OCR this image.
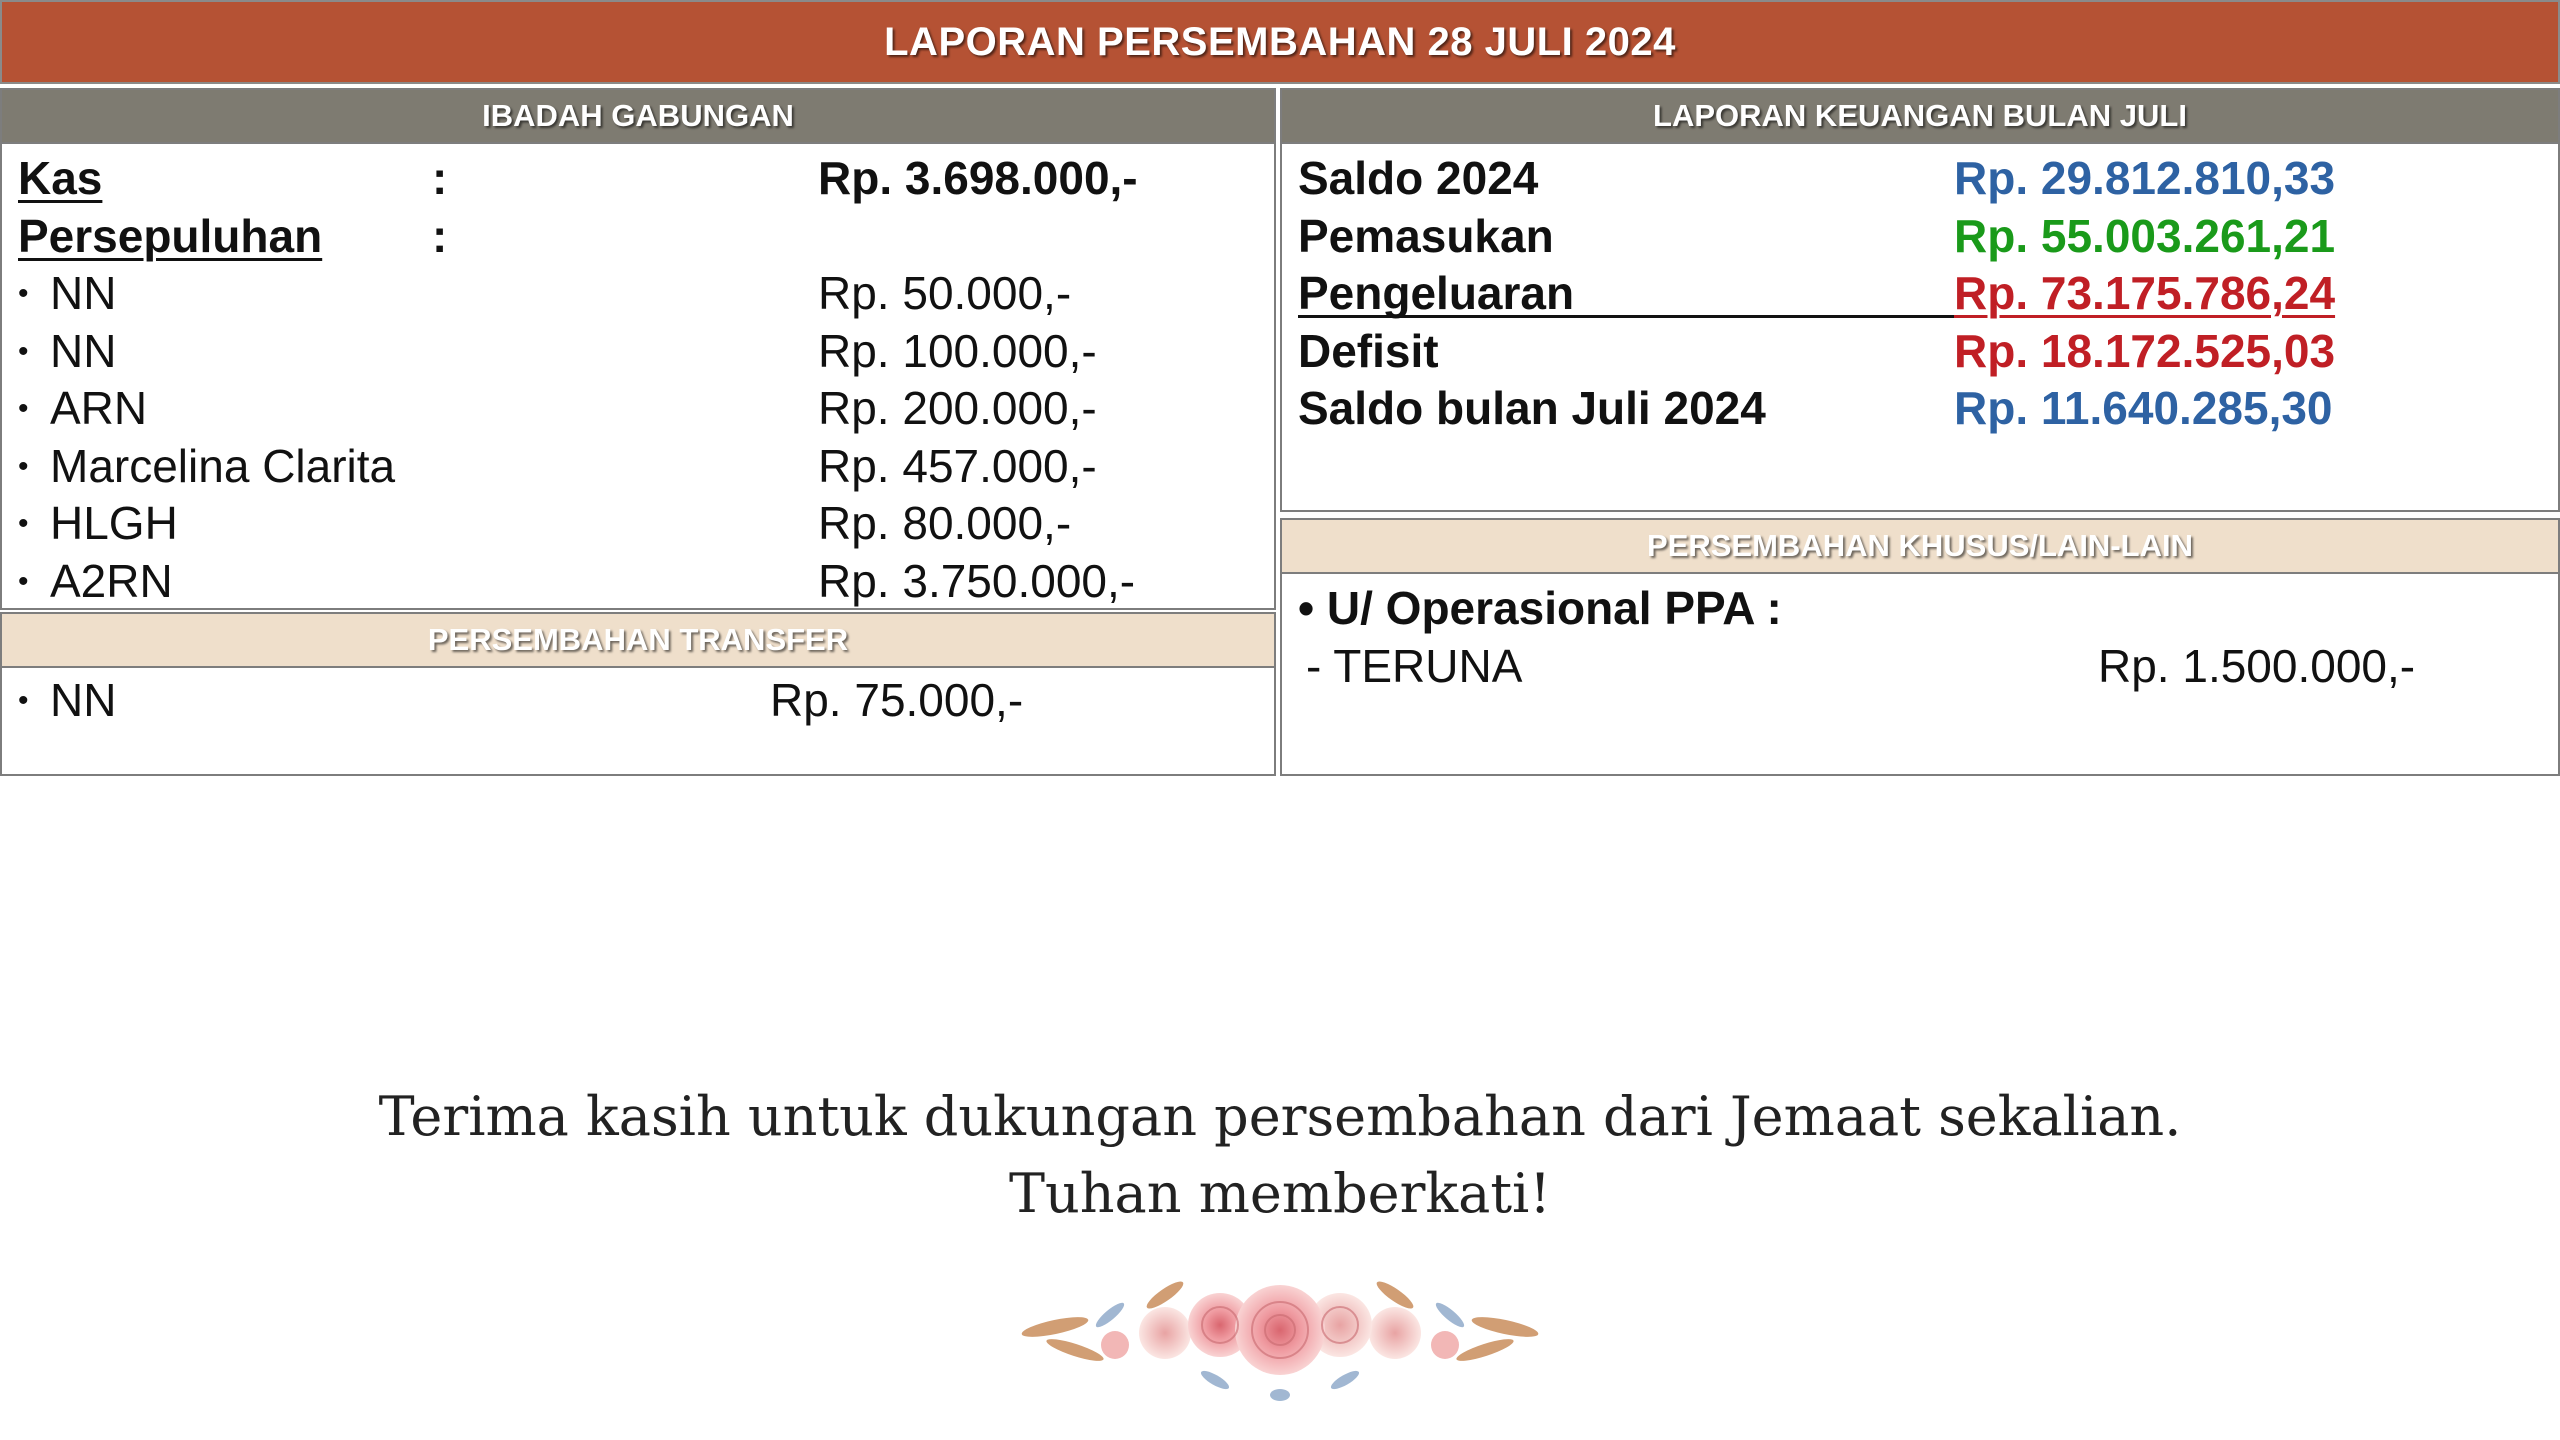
LAPORAN PERSEMBAHAN 28 JULI 2024
IBADAH GABUNGAN
Kas	:	Rp. 3.698.000,-
Persepuluhan :
• NN	Rp. 50.000,-
• NN	Rp. 100.000,-
• ARN	Rp. 200.000,-
• Marcelina Clarita	Rp. 457.000,-
• HLGH	Rp. 80.000,-
• A2RN	Rp. 3.750.000,-
PERSEMBAHAN TRANSFER
• NN	Rp. 75.000,-
LAPORAN KEUANGAN BULAN JULI
Saldo 2024	Rp. 29.812.810,33
Pemasukan	Rp. 55.003.261,21
Pengeluaran	Rp. 73.175.786,24
Defisit	Rp. 18.172.525,03
Saldo bulan Juli 2024	Rp. 11.640.285,30
PERSEMBAHAN KHUSUS/LAIN-LAIN
• U/ Operasional PPA :
- TERUNA	Rp. 1.500.000,-
Terima kasih untuk dukungan persembahan dari Jemaat sekalian.
Tuhan memberkati!
